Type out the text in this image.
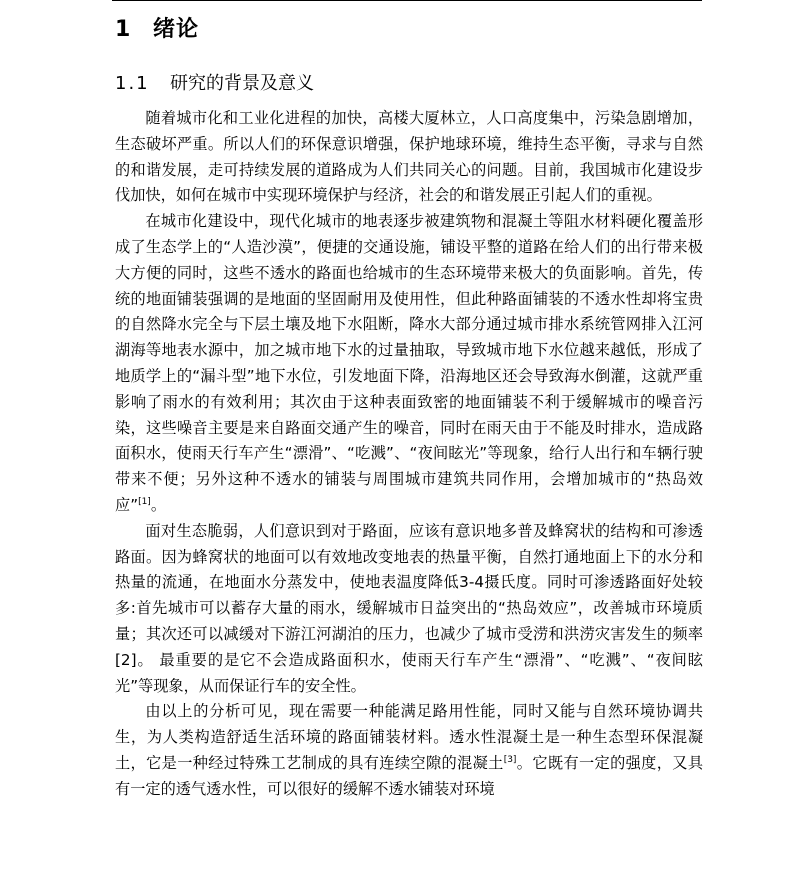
1 绪论
1.1 研究的背景及意义

随着城市化和工业化进程的加快，高楼大厦林立，人口高度集中，污染急剧增加，生态破坏严重。所以人们的环保意识增强，保护地球环境，维持生态平衡，寻求与自然的和谐发展，走可持续发展的道路成为人们共同关心的问题。目前，我国城市化建设步伐加快，如何在城市中实现环境保护与经济，社会的和谐发展正引起人们的重视。

在城市化建设中，现代化城市的地表逐步被建筑物和混凝土等阻水材料硬化覆盖形成了生态学上的“人造沙漠”，便捷的交通设施，铺设平整的道路在给人们的出行带来极大方便的同时，这些不透水的路面也给城市的生态环境带来极大的负面影响。首先，传统的地面铺装强调的是地面的坚固耐用及使用性，但此种路面铺装的不透水性却将宝贵的自然降水完全与下层土壤及地下水阻断，降水大部分通过城市排水系统管网排入江河湖海等地表水源中，加之城市地下水的过量抽取，导致城市地下水位越来越低，形成了地质学上的“漏斗型”地下水位，引发地面下降，沿海地区还会导致海水倒灌，这就严重影响了雨水的有效利用；其次由于这种表面致密的地面铺装不利于缓解城市的噪音污染，这些噪音主要是来自路面交通产生的噪音，同时在雨天由于不能及时排水，造成路面积水，使雨天行车产生“漂滑”、“吃溅”、“夜间眩光”等现象，给行人出行和车辆行驶带来不便；另外这种不透水的铺装与周围城市建筑共同作用，会增加城市的“热岛效应”[1]。

面对生态脆弱，人们意识到对于路面，应该有意识地多普及蜂窝状的结构和可渗透路面。因为蜂窝状的地面可以有效地改变地表的热量平衡，自然打通地面上下的水分和热量的流通，在地面水分蒸发中，使地表温度降低3-4摄氏度。同时可渗透路面好处较多:首先城市可以蓄存大量的雨水，缓解城市日益突出的“热岛效应”，改善城市环境质量；其次还可以减缓对下游江河湖泊的压力，也减少了城市受涝和洪涝灾害发生的频率[2]。 最重要的是它不会造成路面积水，使雨天行车产生“漂滑”、“吃溅”、“夜间眩光”等现象，从而保证行车的安全性。

由以上的分析可见，现在需要一种能满足路用性能，同时又能与自然环境协调共生，为人类构造舒适生活环境的路面铺装材料。透水性混凝土是一种生态型环保混凝土，它是一种经过特殊工艺制成的具有连续空隙的混凝土[3]。它既有一定的强度，又具有一定的透气透水性，可以很好的缓解不透水铺装对环境
